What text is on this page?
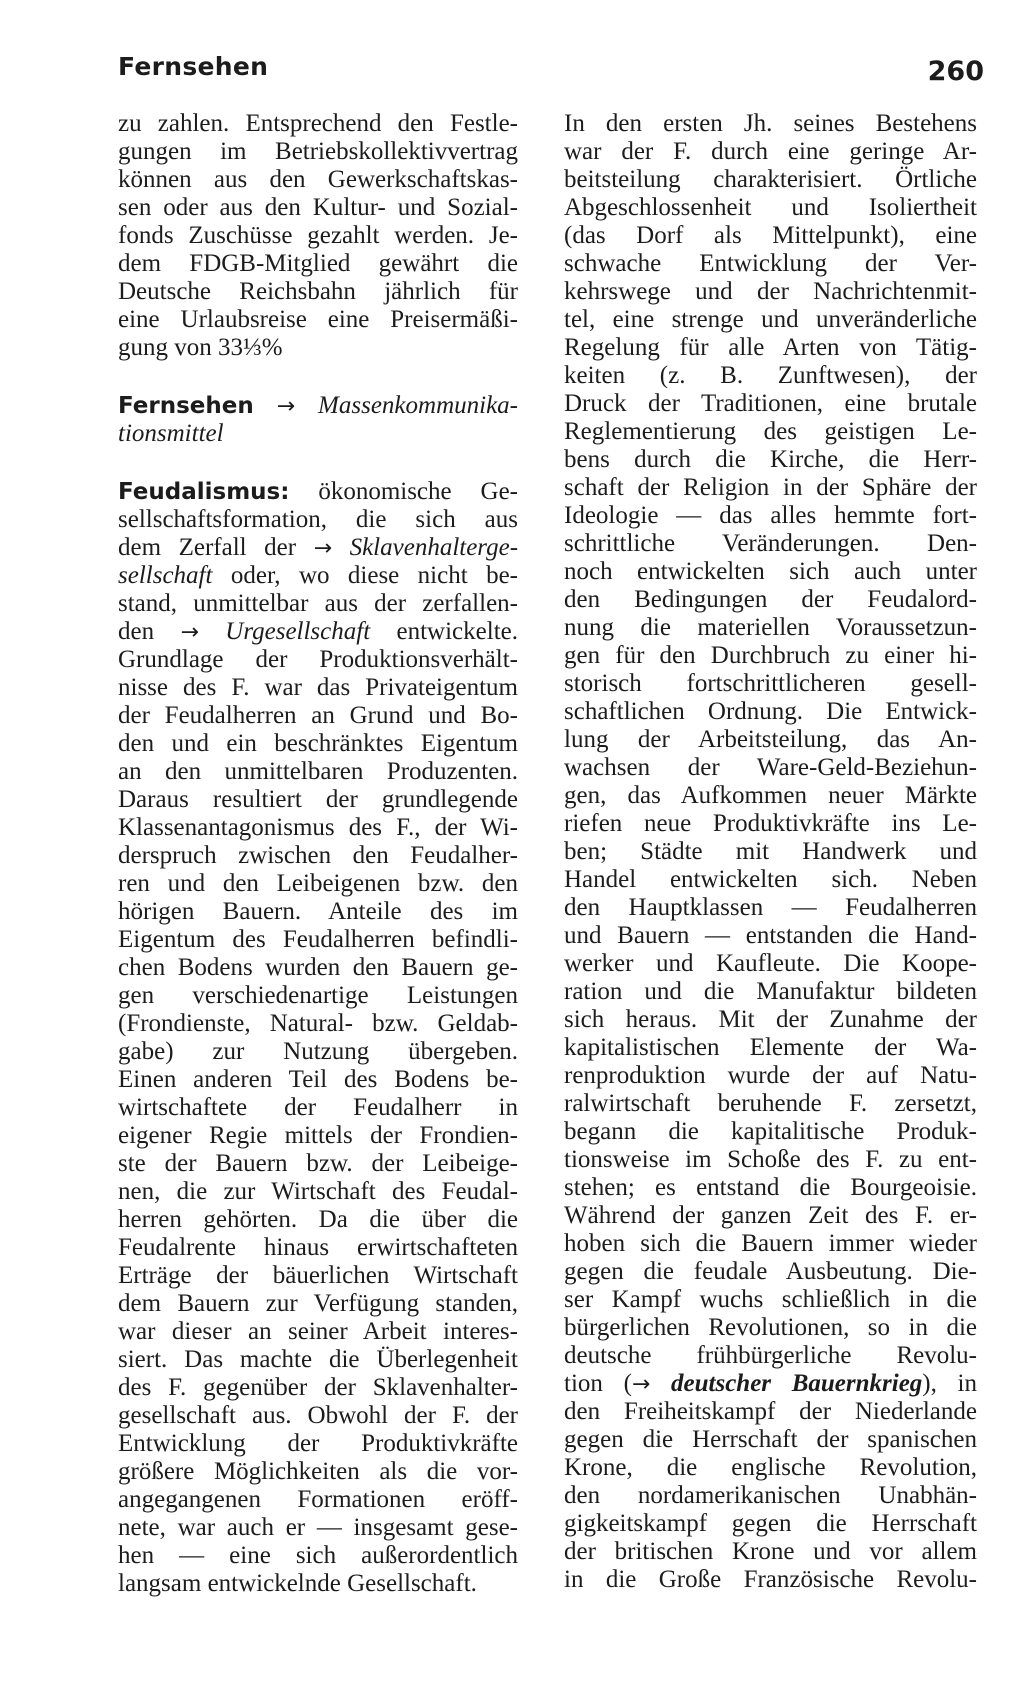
Fernsehen	260
zu zahlen. Entsprechend den Festle-
gungen im Betriebskollektivvertrag
können aus den Gewerkschaftskas-
sen oder aus den Kultur- und Sozial-
fonds Zuschüsse gezahlt werden. Je-
dem FDGB-Mitglied gewährt die
Deutsche Reichsbahn jährlich für
eine Urlaubsreise eine Preisermäßi-
gung von 33⅓%
Fernsehen → Massenkommunika-
tionsmittel
Feudalismus: ökonomische Ge-
sellschaftsformation, die sich aus
dem Zerfall der → Sklavenhalterge-
sellschaft oder, wo diese nicht be-
stand, unmittelbar aus der zerfallen-
den → Urgesellschaft entwickelte.
Grundlage der Produktionsverhält-
nisse des F. war das Privateigentum
der Feudalherren an Grund und Bo-
den und ein beschränktes Eigentum
an den unmittelbaren Produzenten.
Daraus resultiert der grundlegende
Klassenantagonismus des F., der Wi-
derspruch zwischen den Feudalher-
ren und den Leibeigenen bzw. den
hörigen Bauern. Anteile des im
Eigentum des Feudalherren befindli-
chen Bodens wurden den Bauern ge-
gen verschiedenartige Leistungen
(Frondienste, Natural- bzw. Geldab-
gabe) zur Nutzung übergeben.
Einen anderen Teil des Bodens be-
wirtschaftete der Feudalherr in
eigener Regie mittels der Frondien-
ste der Bauern bzw. der Leibeige-
nen, die zur Wirtschaft des Feudal-
herren gehörten. Da die über die
Feudalrente hinaus erwirtschafteten
Erträge der bäuerlichen Wirtschaft
dem Bauern zur Verfügung standen,
war dieser an seiner Arbeit interes-
siert. Das machte die Überlegenheit
des F. gegenüber der Sklavenhalter-
gesellschaft aus. Obwohl der F. der
Entwicklung der Produktivkräfte
größere Möglichkeiten als die vor-
angegangenen Formationen eröff-
nete, war auch er — insgesamt gese-
hen — eine sich außerordentlich
langsam entwickelnde Gesellschaft.
In den ersten Jh. seines Bestehens
war der F. durch eine geringe Ar-
beitsteilung charakterisiert. Örtliche
Abgeschlossenheit und Isoliertheit
(das Dorf als Mittelpunkt), eine
schwache Entwicklung der Ver-
kehrswege und der Nachrichtenmit-
tel, eine strenge und unveränderliche
Regelung für alle Arten von Tätig-
keiten (z. B. Zunftwesen), der
Druck der Traditionen, eine brutale
Reglementierung des geistigen Le-
bens durch die Kirche, die Herr-
schaft der Religion in der Sphäre der
Ideologie — das alles hemmte fort-
schrittliche Veränderungen. Den-
noch entwickelten sich auch unter
den Bedingungen der Feudalord-
nung die materiellen Voraussetzun-
gen für den Durchbruch zu einer hi-
storisch fortschrittlicheren gesell-
schaftlichen Ordnung. Die Entwick-
lung der Arbeitsteilung, das An-
wachsen der Ware-Geld-Beziehun-
gen, das Aufkommen neuer Märkte
riefen neue Produktivkräfte ins Le-
ben; Städte mit Handwerk und
Handel entwickelten sich. Neben
den Hauptklassen — Feudalherren
und Bauern — entstanden die Hand-
werker und Kaufleute. Die Koope-
ration und die Manufaktur bildeten
sich heraus. Mit der Zunahme der
kapitalistischen Elemente der Wa-
renproduktion wurde der auf Natu-
ralwirtschaft beruhende F. zersetzt,
begann die kapitalitische Produk-
tionsweise im Schoße des F. zu ent-
stehen; es entstand die Bourgeoisie.
Während der ganzen Zeit des F. er-
hoben sich die Bauern immer wieder
gegen die feudale Ausbeutung. Die-
ser Kampf wuchs schließlich in die
bürgerlichen Revolutionen, so in die
deutsche frühbürgerliche Revolu-
tion (→ deutscher Bauernkrieg), in
den Freiheitskampf der Niederlande
gegen die Herrschaft der spanischen
Krone, die englische Revolution,
den nordamerikanischen Unabhän-
gigkeitskampf gegen die Herrschaft
der britischen Krone und vor allem
in die Große Französische Revolu-
